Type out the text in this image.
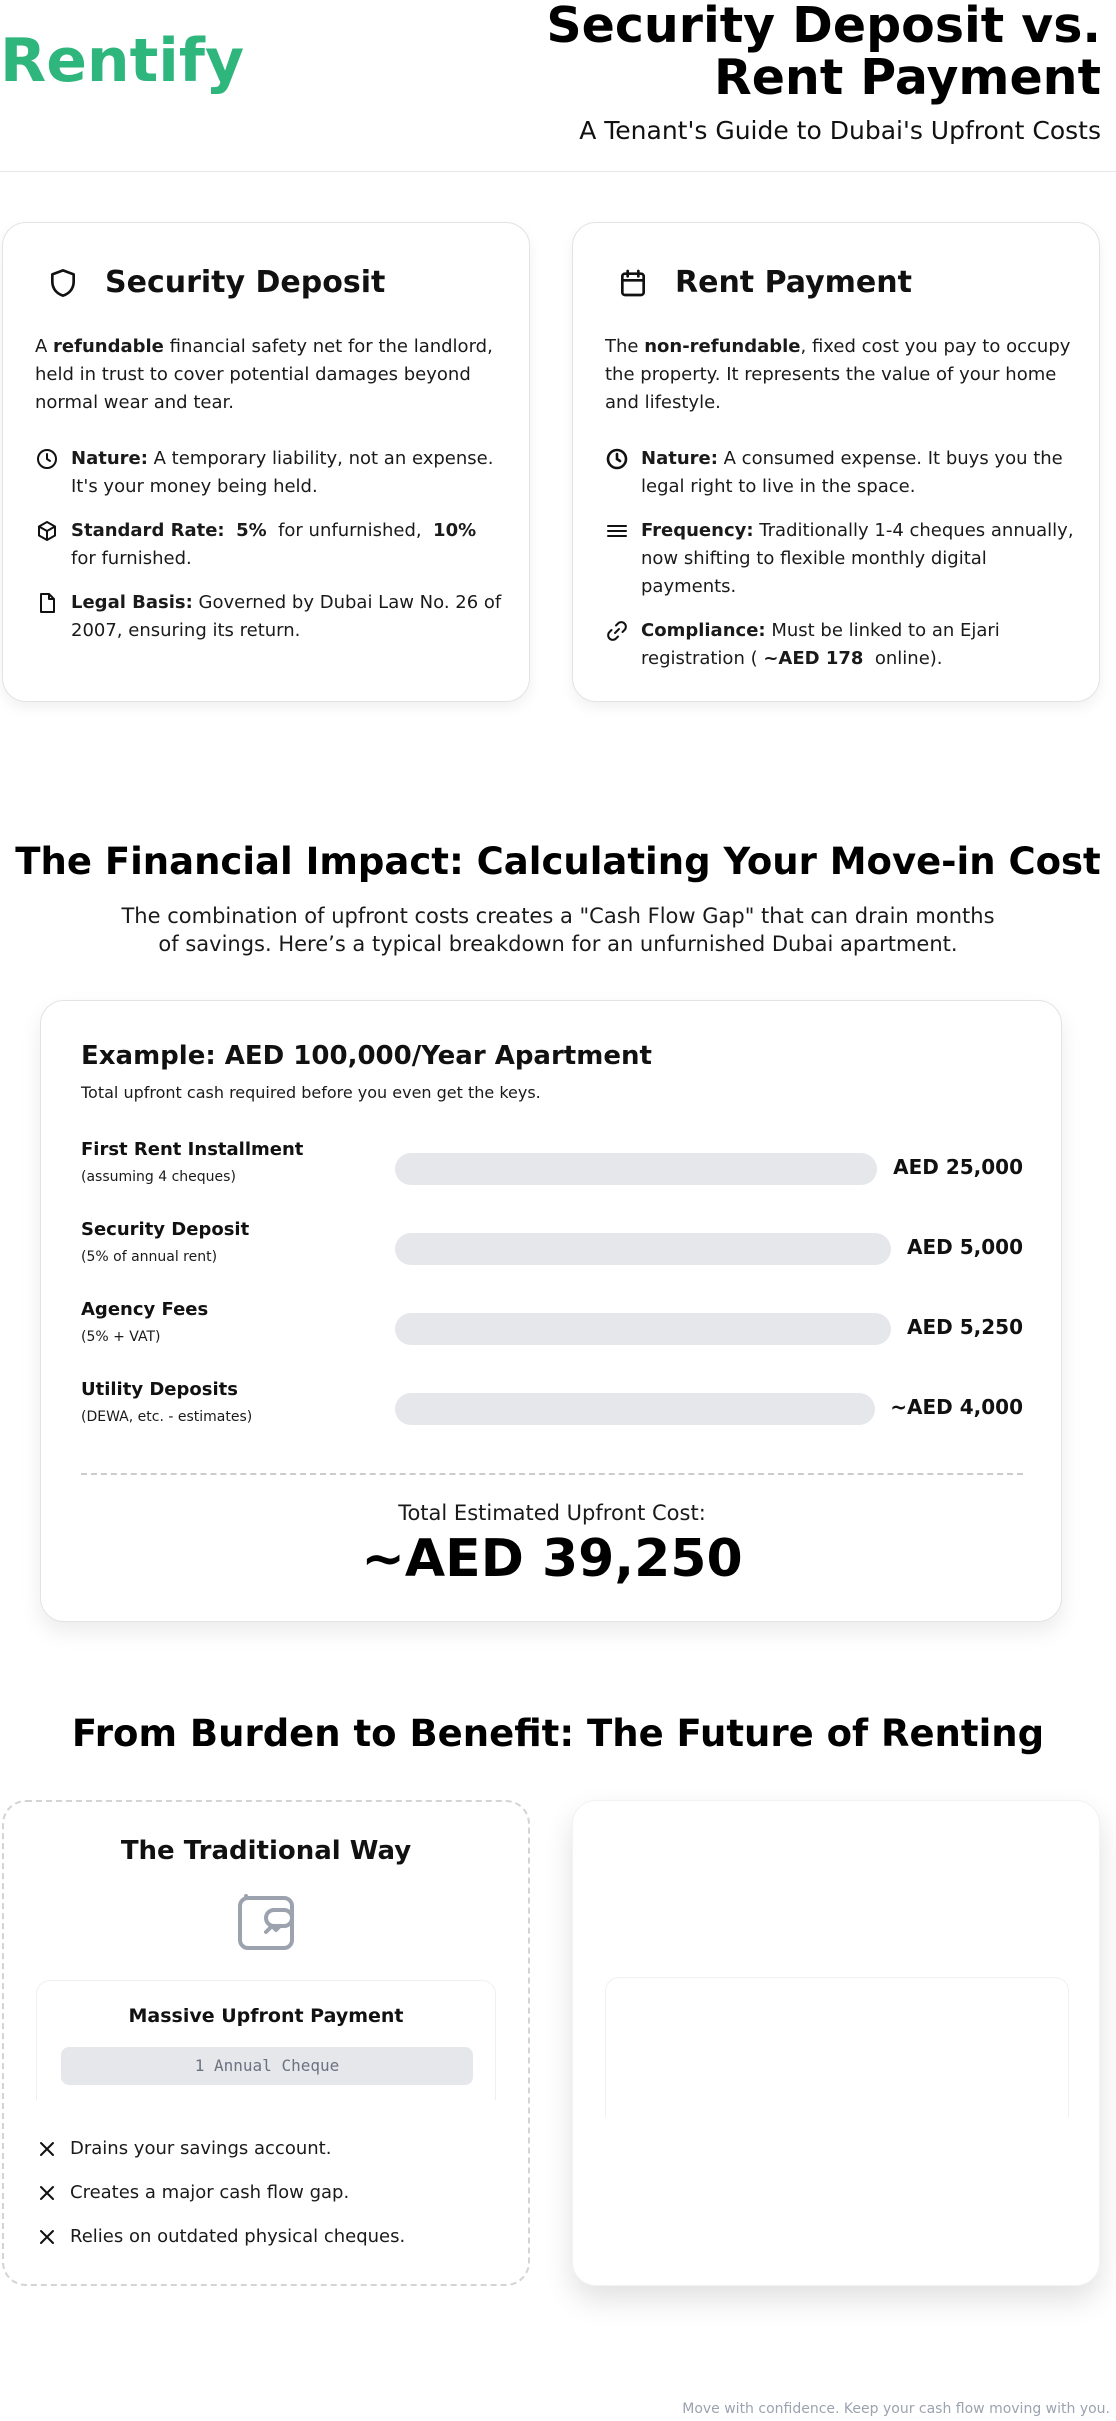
Rentify
Security Deposit vs. Rent Payment
A Tenant's Guide to Dubai's Upfront Costs
Security Deposit
A refundable financial safety net for the landlord, held in trust to cover potential damages beyond normal wear and tear.
Nature: A temporary liability, not an expense. It's your money being held.
Standard Rate: 5%  for unfurnished,  10% for furnished.
Legal Basis: Governed by Dubai Law No. 26 of 2007, ensuring its return.
Rent Payment
The non-refundable, fixed cost you pay to occupy the property. It represents the value of your home and lifestyle.
Nature: A consumed expense. It buys you the legal right to live in the space.
Frequency: Traditionally 1-4 cheques annually, now shifting to flexible monthly digital payments.
Compliance: Must be linked to an Ejari registration ( ~AED 178  online).
The Financial Impact: Calculating Your Move-in Cost
The combination of upfront costs creates a "Cash Flow Gap" that can drain months of savings. Here’s a typical breakdown for an unfurnished Dubai apartment.
Example: AED 100,000/Year Apartment
Total upfront cash required before you even get the keys.
First Rent Installment
(assuming 4 cheques)	AED 25,000
Security Deposit
(5% of annual rent)	AED 5,000
Agency Fees
(5% + VAT)	AED 5,250
Utility Deposits
(DEWA, etc. - estimates)	~AED 4,000
Total Estimated Upfront Cost:
~AED 39,250
From Burden to Benefit: The Future of Renting
The Traditional Way
Massive Upfront Payment
1 Annual Cheque
Drains your savings account.
Creates a major cash flow gap.
Relies on outdated physical cheques.
Move with confidence. Keep your cash flow moving with you.
